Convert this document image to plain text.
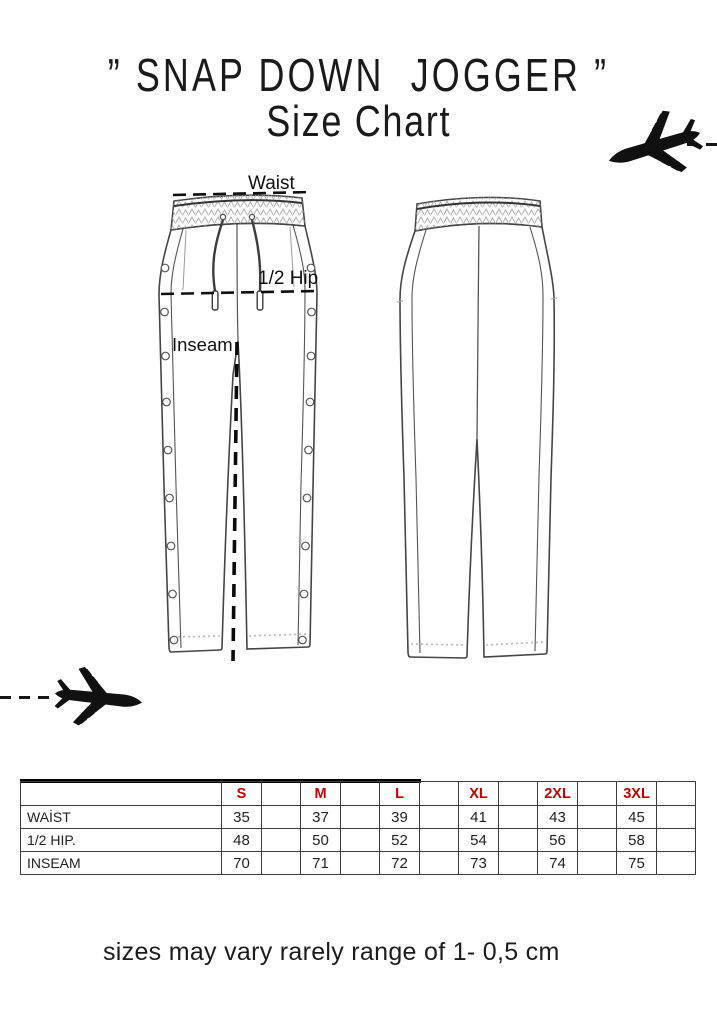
” SNAP DOWN  JOGGER ”
Size Chart
Waist
1/2 Hip
Inseam
	S		M		L		XL		2XL		3XL	
WAİST	35		37		39		41		43		45	
1/2 HIP.	48		50		52		54		56		58	
INSEAM	70		71		72		73		74		75	
sizes may vary rarely range of 1- 0,5 cm
